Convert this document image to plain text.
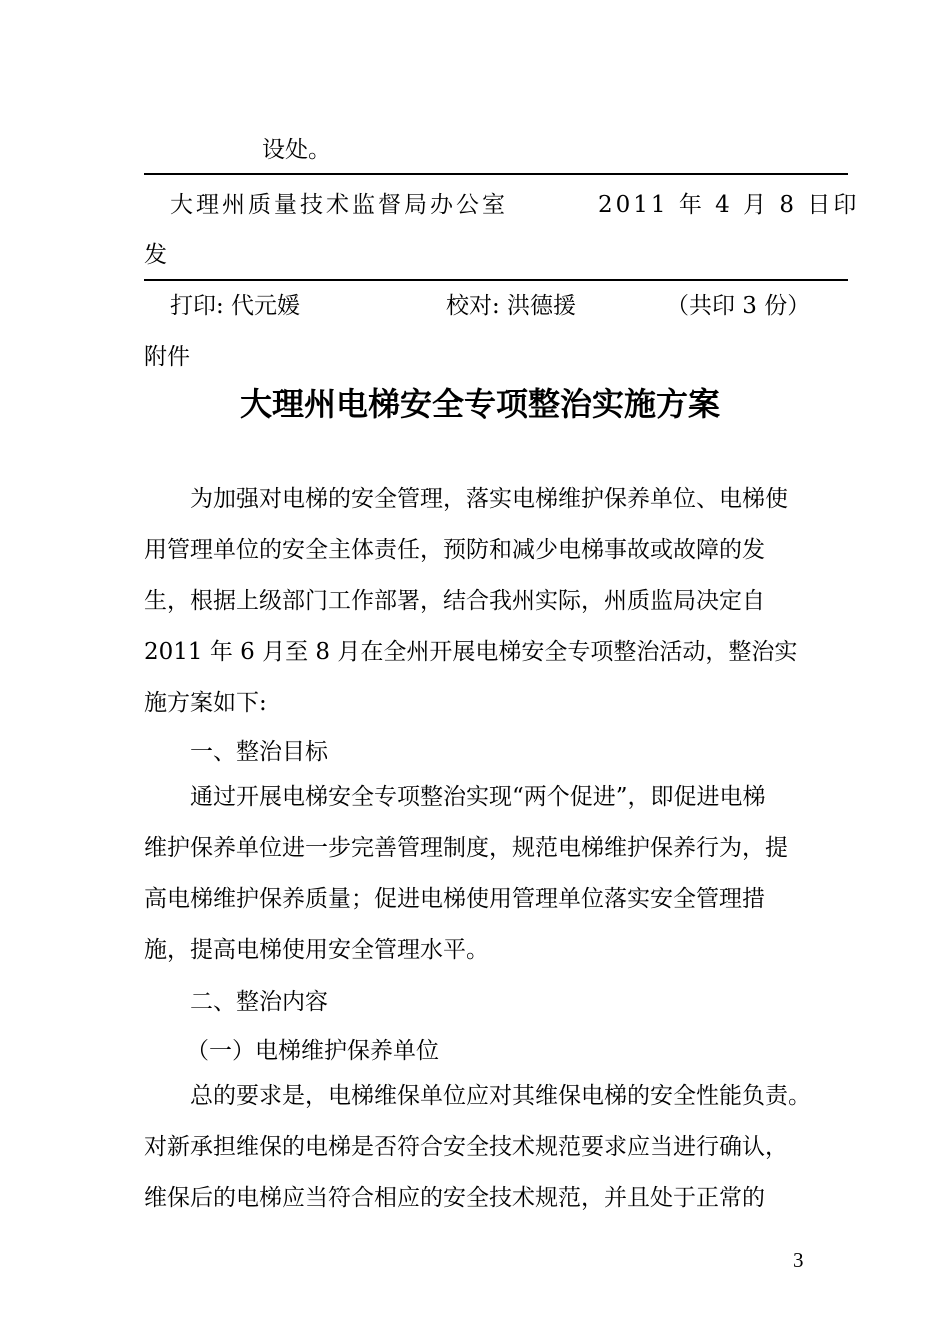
设处。
大理州质量技术监督局办公室	2011 年 4 月 8 日印
发
打印: 代元媛	校对: 洪德援	（共印 3 份）
附件
大理州电梯安全专项整治实施方案
为加强对电梯的安全管理，落实电梯维护保养单位、电梯使
用管理单位的安全主体责任，预防和减少电梯事故或故障的发
生，根据上级部门工作部署，结合我州实际，州质监局决定自
2011 年 6 月至 8 月在全州开展电梯安全专项整治活动，整治实
施方案如下:
一、整治目标
通过开展电梯安全专项整治实现“两个促进”，即促进电梯
维护保养单位进一步完善管理制度，规范电梯维护保养行为，提
高电梯维护保养质量；促进电梯使用管理单位落实安全管理措
施，提高电梯使用安全管理水平。
二、整治内容
（一）电梯维护保养单位
总的要求是，电梯维保单位应对其维保电梯的安全性能负责。
对新承担维保的电梯是否符合安全技术规范要求应当进行确认，
维保后的电梯应当符合相应的安全技术规范，并且处于正常的
3
